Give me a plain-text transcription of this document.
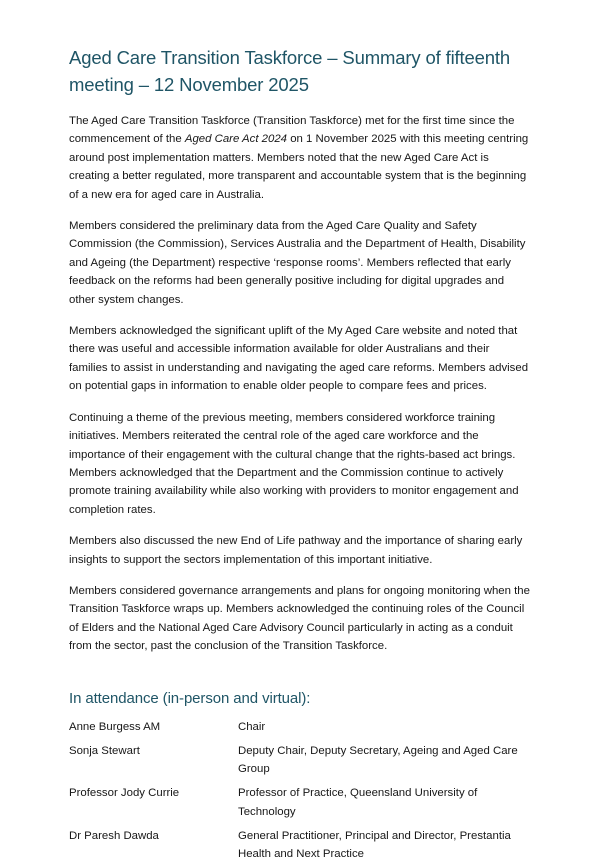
Aged Care Transition Taskforce – Summary of fifteenth meeting – 12 November 2025

The Aged Care Transition Taskforce (Transition Taskforce) met for the first time since the commencement of the Aged Care Act 2024 on 1 November 2025 with this meeting centring around post implementation matters. Members noted that the new Aged Care Act is creating a better regulated, more transparent and accountable system that is the beginning of a new era for aged care in Australia.

Members considered the preliminary data from the Aged Care Quality and Safety Commission (the Commission), Services Australia and the Department of Health, Disability and Ageing (the Department) respective ‘response rooms’. Members reflected that early feedback on the reforms had been generally positive including for digital upgrades and other system changes.

Members acknowledged the significant uplift of the My Aged Care website and noted that there was useful and accessible information available for older Australians and their families to assist in understanding and navigating the aged care reforms. Members advised on potential gaps in information to enable older people to compare fees and prices.

Continuing a theme of the previous meeting, members considered workforce training initiatives. Members reiterated the central role of the aged care workforce and the importance of their engagement with the cultural change that the rights-based act brings. Members acknowledged that the Department and the Commission continue to actively promote training availability while also working with providers to monitor engagement and completion rates.

Members also discussed the new End of Life pathway and the importance of sharing early insights to support the sectors implementation of this important initiative.

Members considered governance arrangements and plans for ongoing monitoring when the Transition Taskforce wraps up. Members acknowledged the continuing roles of the Council of Elders and the National Aged Care Advisory Council particularly in acting as a conduit from the sector, past the conclusion of the Transition Taskforce.

In attendance (in-person and virtual):
Anne Burgess AM	Chair
Sonja Stewart	Deputy Chair, Deputy Secretary, Ageing and Aged Care Group
Professor Jody Currie	Professor of Practice, Queensland University of Technology
Dr Paresh Dawda	General Practitioner, Principal and Director, Prestantia Health and Next Practice
